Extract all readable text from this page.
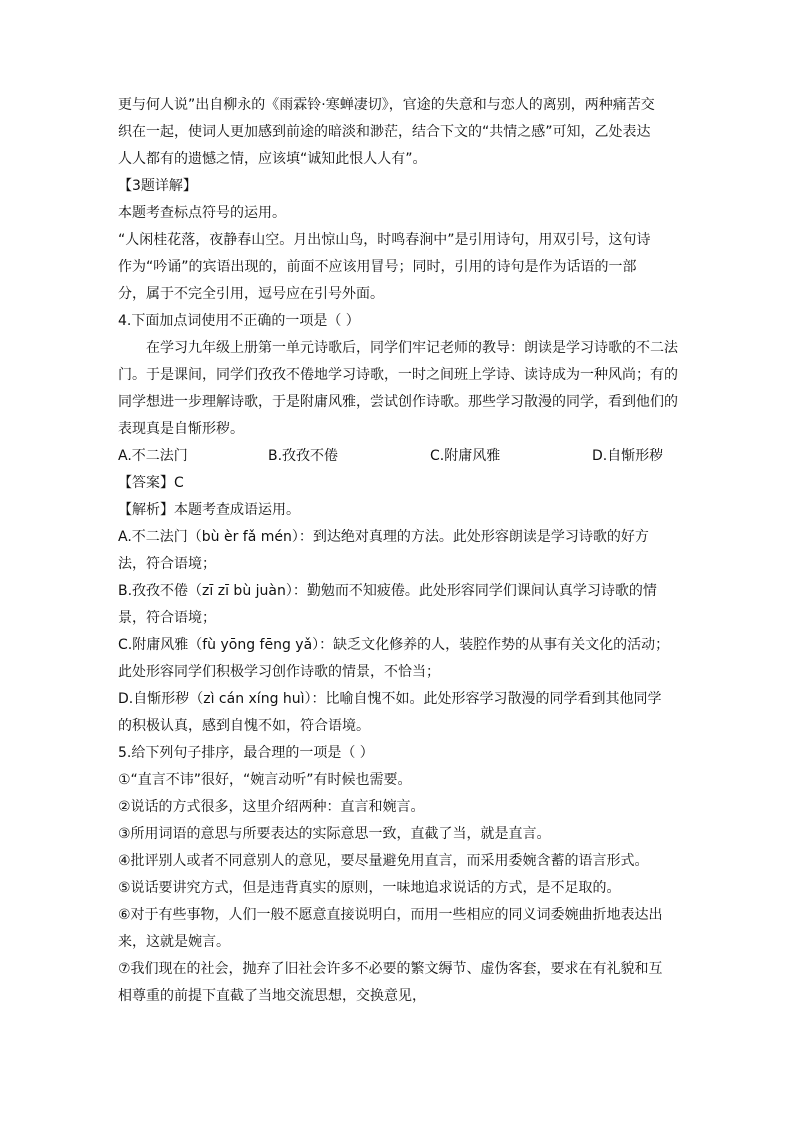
更与何人说”出自柳永的《雨霖铃·寒蝉凄切》，官途的失意和与恋人的离别，两种痛苦交
织在一起，使词人更加感到前途的暗淡和渺茫，结合下文的“共情之感”可知，乙处表达
人人都有的遗憾之情，应该填“诚知此恨人人有”。
【3题详解】
本题考查标点符号的运用。
“人闲桂花落，夜静春山空。月出惊山鸟，时鸣春涧中”是引用诗句，用双引号，这句诗
作为“吟诵”的宾语出现的，前面不应该用冒号；同时，引用的诗句是作为话语的一部
分，属于不完全引用，逗号应在引号外面。
4.下面加点词使用不正确的一项是（ ）
在学习九年级上册第一单元诗歌后，同学们牢记老师的教导：朗读是学习诗歌的不二法
门。于是课间，同学们孜孜不倦地学习诗歌，一时之间班上学诗、读诗成为一种风尚；有的
同学想进一步理解诗歌，于是附庸风雅，尝试创作诗歌。那些学习散漫的同学，看到他们的
表现真是自惭形秽。
A.不二法门	B.孜孜不倦	C.附庸风雅	D.自惭形秽
【答案】C
【解析】本题考查成语运用。
A.不二法门（bù èr fǎ mén）：到达绝对真理的方法。此处形容朗读是学习诗歌的好方
法，符合语境；
B.孜孜不倦（zī zī bù juàn）：勤勉而不知疲倦。此处形容同学们课间认真学习诗歌的情
景，符合语境；
C.附庸风雅（fù yōng fēng yǎ）：缺乏文化修养的人，装腔作势的从事有关文化的活动；
此处形容同学们积极学习创作诗歌的情景，不恰当；
D.自惭形秽（zì cán xíng huì）：比喻自愧不如。此处形容学习散漫的同学看到其他同学
的积极认真，感到自愧不如，符合语境。
5.给下列句子排序，最合理的一项是（ ）
①“直言不讳”很好，“婉言动听”有时候也需要。
②说话的方式很多，这里介绍两种：直言和婉言。
③所用词语的意思与所要表达的实际意思一致，直截了当，就是直言。
④批评别人或者不同意别人的意见，要尽量避免用直言，而采用委婉含蓄的语言形式。
⑤说话要讲究方式，但是违背真实的原则，一味地追求说话的方式，是不足取的。
⑥对于有些事物，人们一般不愿意直接说明白，而用一些相应的同义词委婉曲折地表达出
来，这就是婉言。
⑦我们现在的社会，抛弃了旧社会许多不必要的繁文缛节、虚伪客套，要求在有礼貌和互
相尊重的前提下直截了当地交流思想，交换意见，
